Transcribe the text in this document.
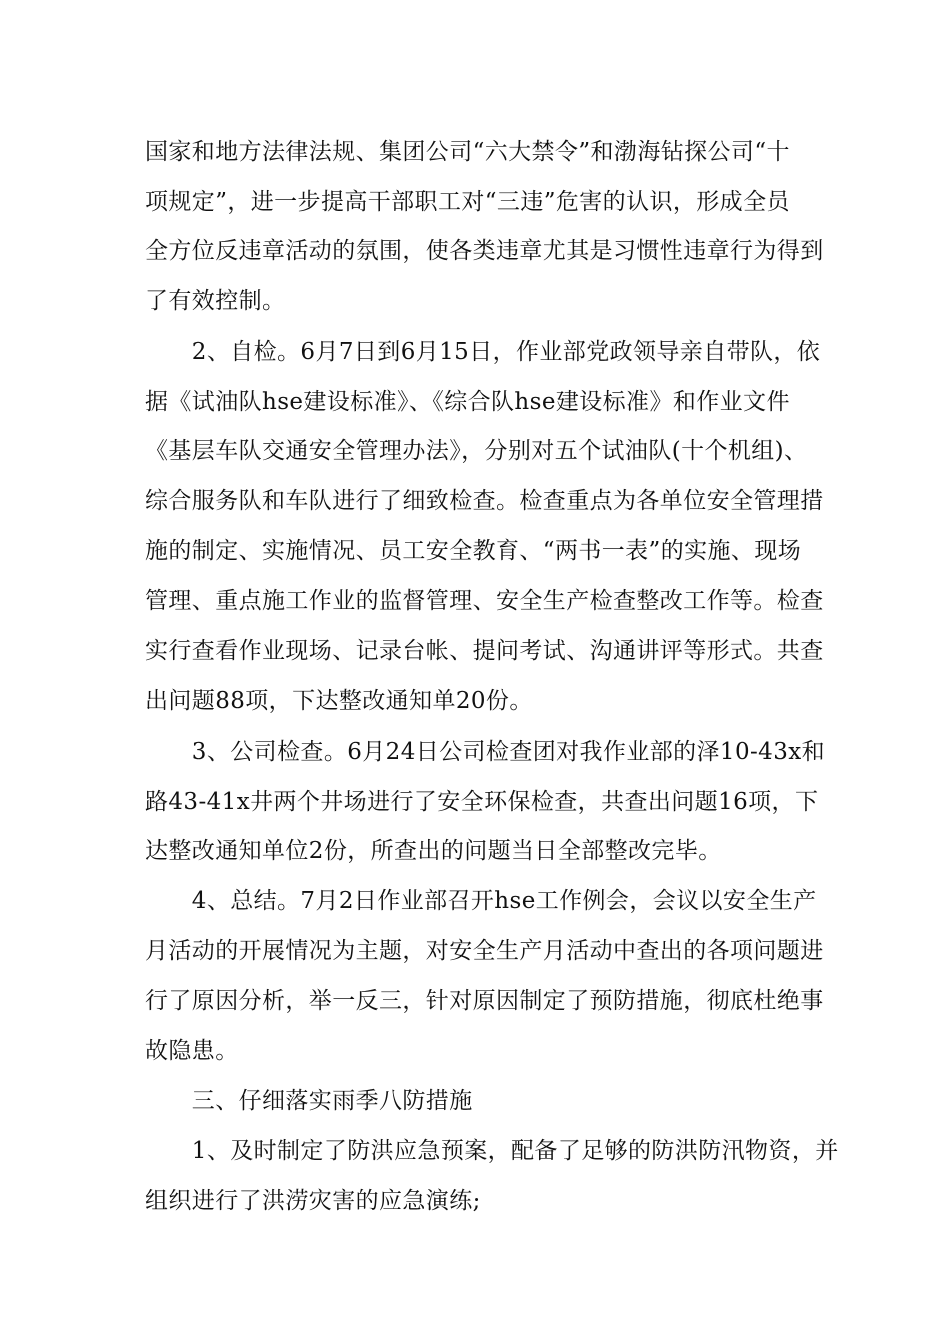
国家和地方法律法规、集团公司“六大禁令”和渤海钻探公司“十
项规定”，进一步提高干部职工对“三违”危害的认识，形成全员
全方位反违章活动的氛围，使各类违章尤其是习惯性违章行为得到
了有效控制。
　　2、自检。6月7日到6月15日，作业部党政领导亲自带队，依
据《试油队hse建设标准》、《综合队hse建设标准》和作业文件
《基层车队交通安全管理办法》，分别对五个试油队(十个机组)、
综合服务队和车队进行了细致检查。检查重点为各单位安全管理措
施的制定、实施情况、员工安全教育、“两书一表”的实施、现场
管理、重点施工作业的监督管理、安全生产检查整改工作等。检查
实行查看作业现场、记录台帐、提问考试、沟通讲评等形式。共查
出问题88项，下达整改通知单20份。
　　3、公司检查。6月24日公司检查团对我作业部的泽10-43x和
路43-41x井两个井场进行了安全环保检查，共查出问题16项，下
达整改通知单位2份，所查出的问题当日全部整改完毕。
　　4、总结。7月2日作业部召开hse工作例会，会议以安全生产
月活动的开展情况为主题，对安全生产月活动中查出的各项问题进
行了原因分析，举一反三，针对原因制定了预防措施，彻底杜绝事
故隐患。
　　三、仔细落实雨季八防措施
　　1、及时制定了防洪应急预案，配备了足够的防洪防汛物资，并
组织进行了洪涝灾害的应急演练;
